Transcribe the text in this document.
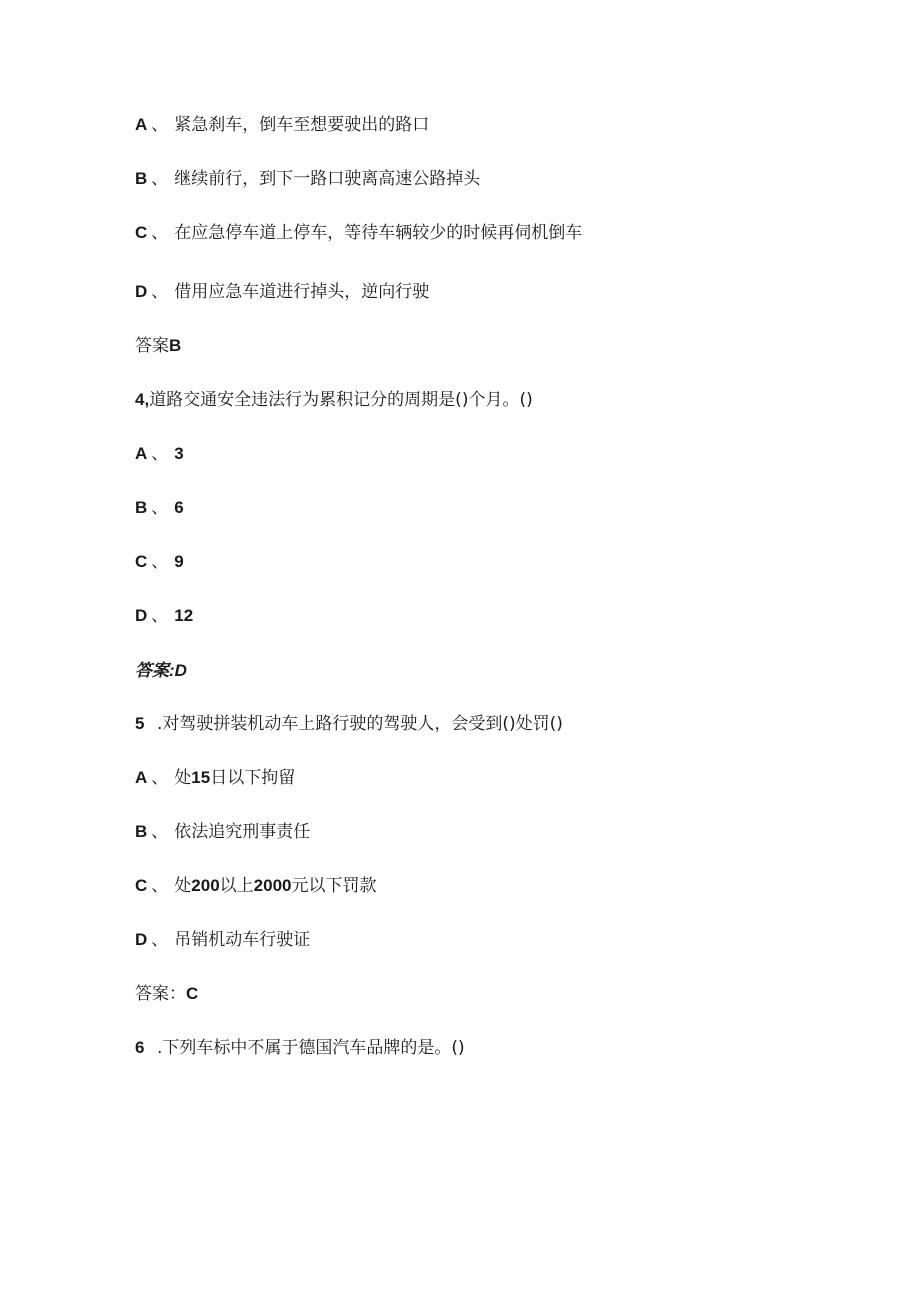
A 、 紧急刹车，倒车至想要驶出的路口
B 、 继续前行，到下一路口驶离高速公路掉头
C 、 在应急停车道上停车，等待车辆较少的时候再伺机倒车
D 、 借用应急车道进行掉头，逆向行驶
答案B
4,道路交通安全违法行为累积记分的周期是()个月。()
A 、 3
B 、 6
C 、 9
D 、 12
答案:D
5 .对驾驶拼装机动车上路行驶的驾驶人，会受到()处罚()
A 、 处15日以下拘留
B 、 依法追究刑事责任
C 、 处200以上2000元以下罚款
D 、 吊销机动车行驶证
答案：C
6 .下列车标中不属于德国汽车品牌的是。()
